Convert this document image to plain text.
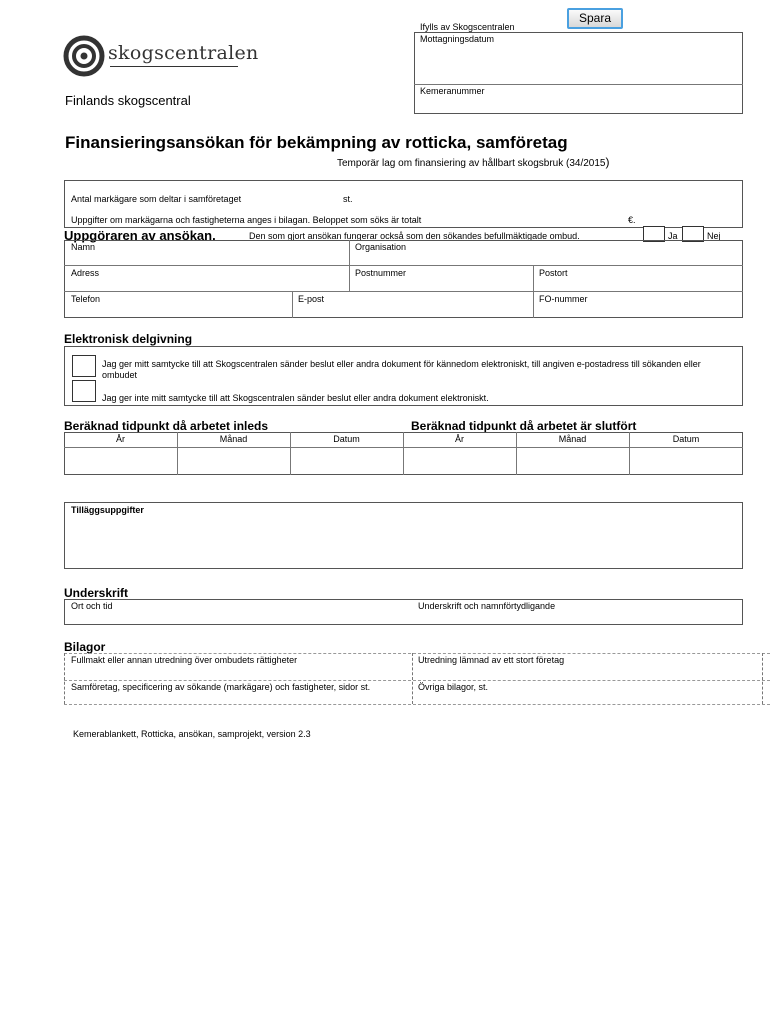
skogscentralen
Finlands skogscentral
Ifylls av Skogscentralen
Mottagningsdatum
Kemeranummer
Spara
Finansieringsansökan för bekämpning av rotticka, samföretag
Temporär lag om finansiering av hållbart skogsbruk (34/2015)
Antal markägare som deltar i samföretaget	st.
Uppgifter om markägarna och fastigheterna anges i bilagan. Beloppet som söks är totalt	€.
Uppgöraren av ansökan.	Den som gjort ansökan fungerar också som den sökandes befullmäktigade ombud.	Ja	Nej
Namn	Organisation
Adress	Postnummer	Postort
Telefon	E-post	FO-nummer
Elektronisk delgivning
Jag ger mitt samtycke till att Skogscentralen sänder beslut eller andra dokument för kännedom elektroniskt, till angiven e-postadress till sökanden eller ombudet
Jag ger inte mitt samtycke till att Skogscentralen sänder beslut eller andra dokument elektroniskt.
Beräknad tidpunkt då arbetet inleds	Beräknad tidpunkt då arbetet är slutfört
År	Månad	Datum	År	Månad	Datum
Tilläggsuppgifter
Underskrift
Ort och tid	Underskrift och namnförtydligande
Bilagor
Fullmakt eller annan utredning över ombudets rättigheter	Utredning lämnad av ett stort företag
Samföretag, specificering av sökande (markägare) och fastigheter, sidor st.	Övriga bilagor, st.
Kemerablankett, Rotticka, ansökan, samprojekt, version 2.3
